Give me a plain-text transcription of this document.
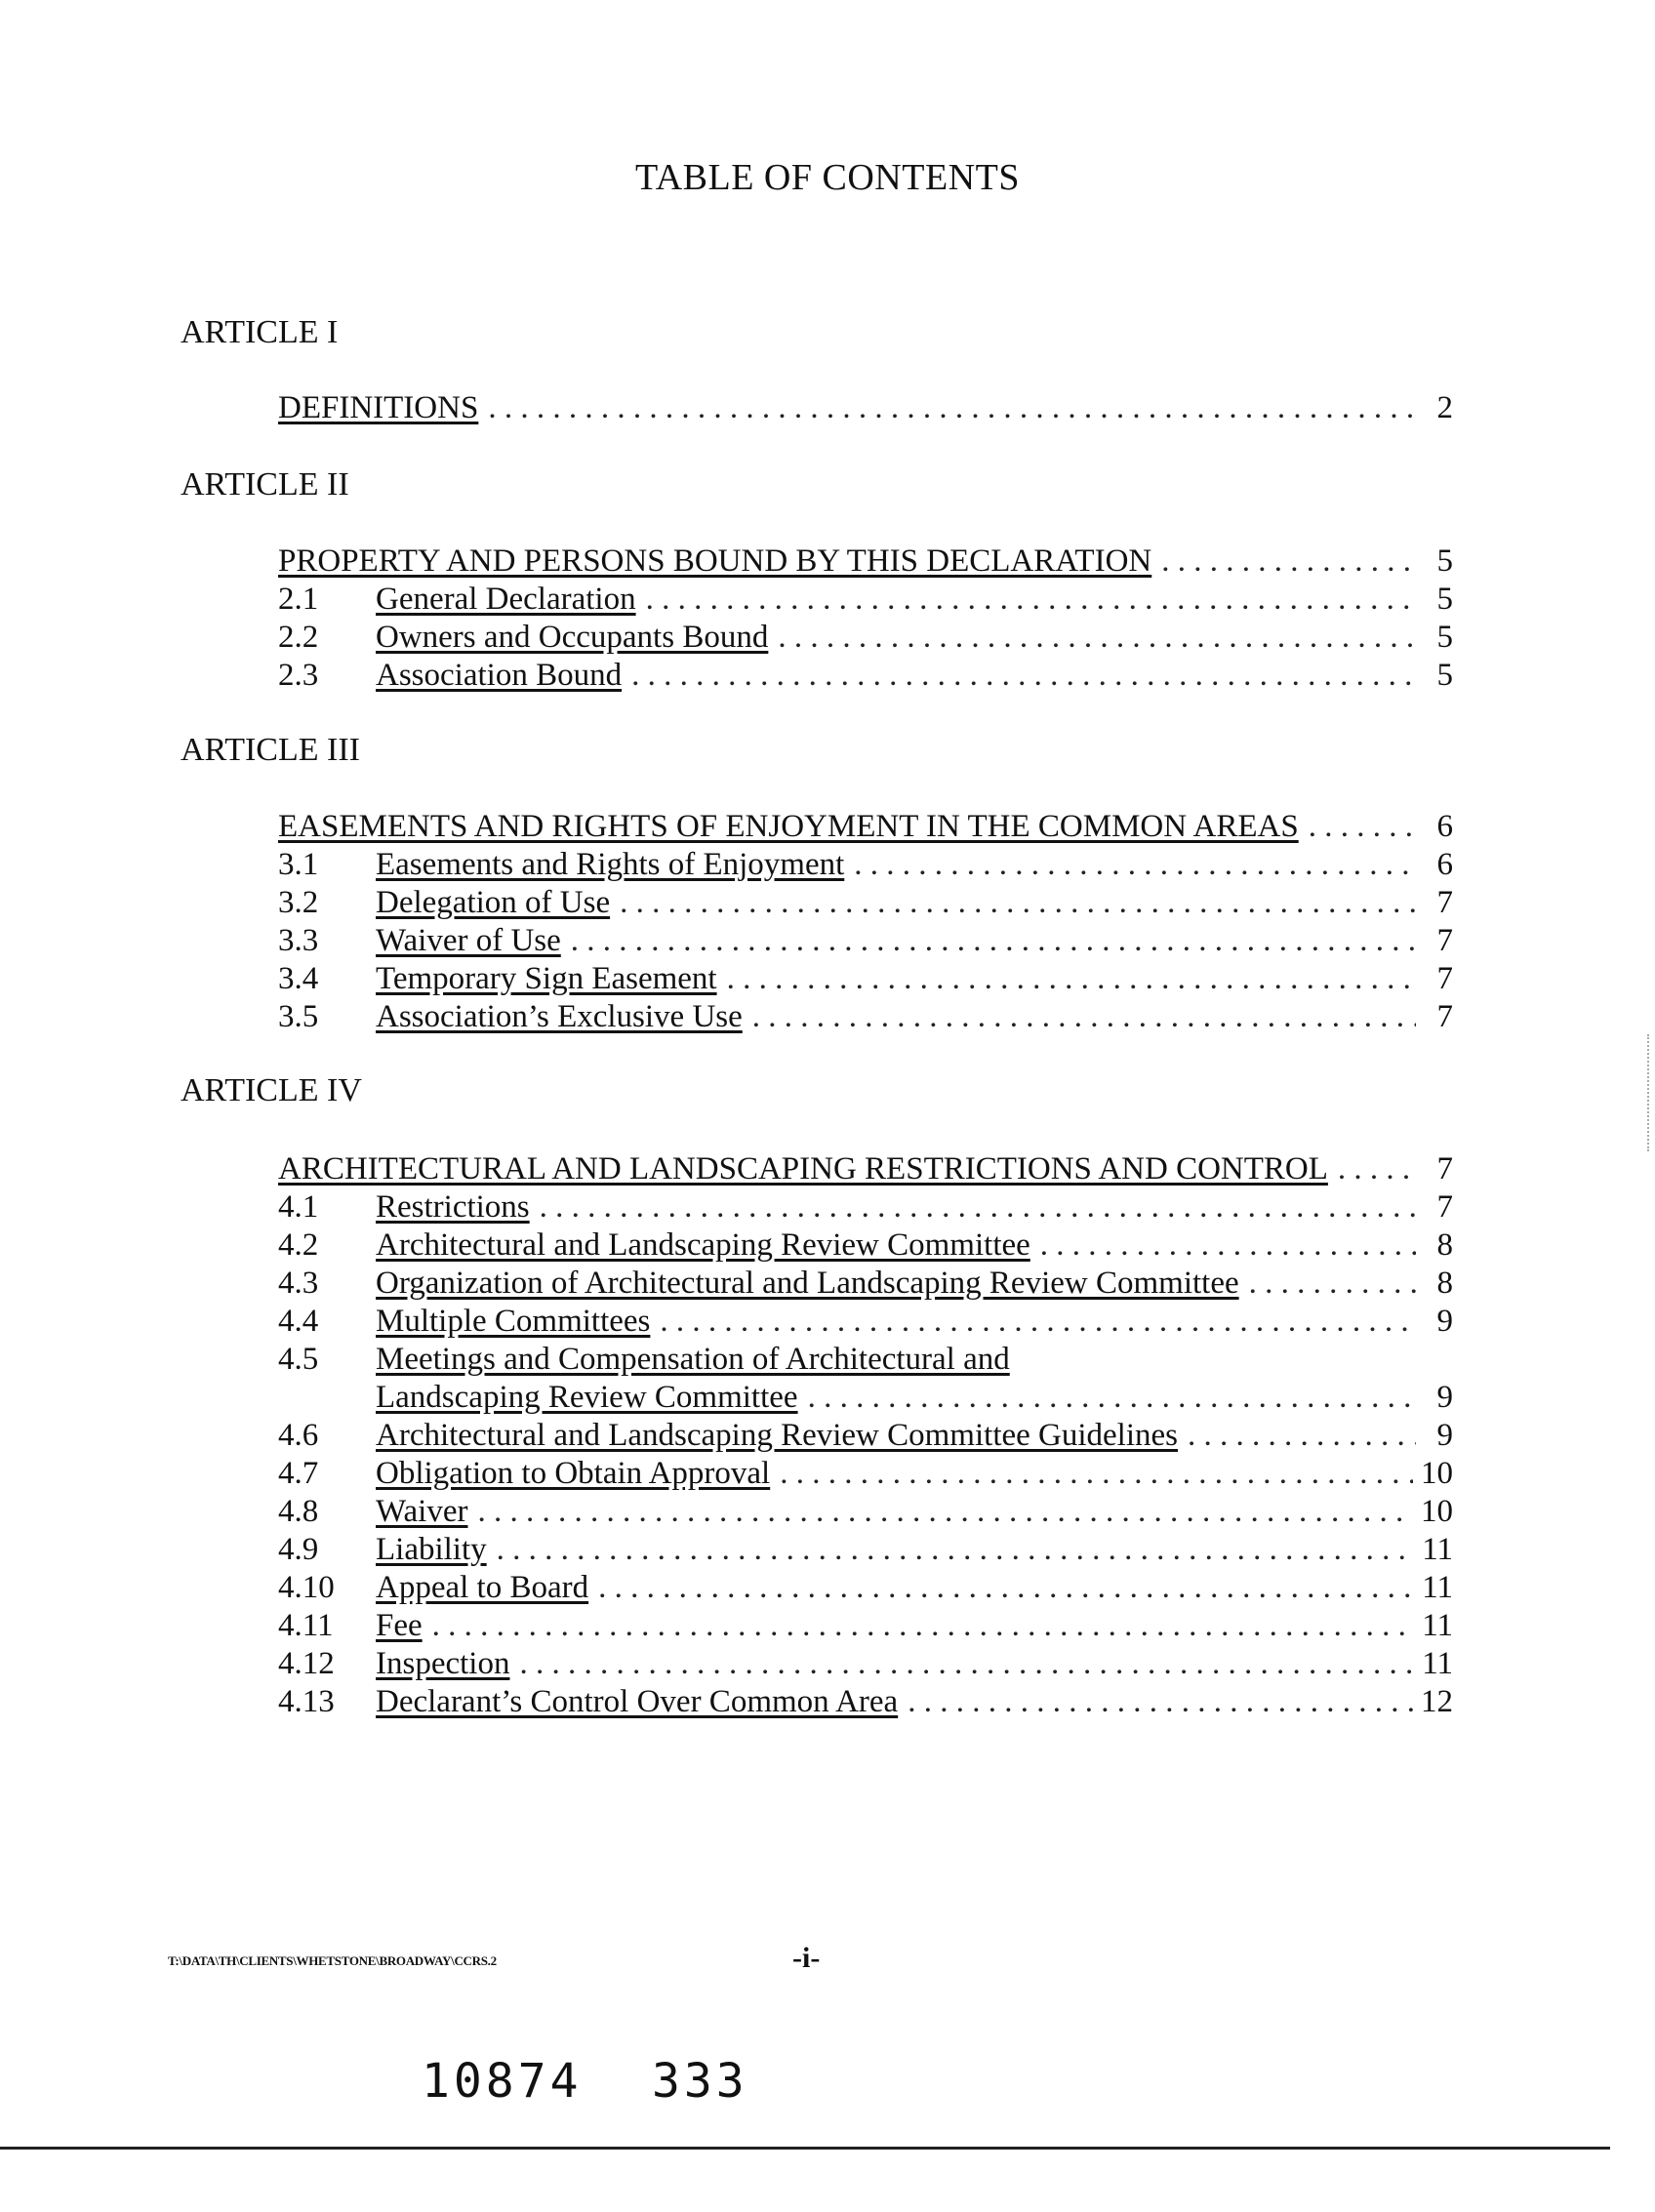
TABLE OF CONTENTS
ARTICLE I
DEFINITIONS . . .	2
ARTICLE II
PROPERTY AND PERSONS BOUND BY THIS DECLARATION . . .	5
2.1	General Declaration . . .	5
2.2	Owners and Occupants Bound . . .	5
2.3	Association Bound . . .	5
ARTICLE III
EASEMENTS AND RIGHTS OF ENJOYMENT IN THE COMMON AREAS . . .	6
3.1	Easements and Rights of Enjoyment . . .	6
3.2	Delegation of Use . . .	7
3.3	Waiver of Use . . .	7
3.4	Temporary Sign Easement . . .	7
3.5	Association’s Exclusive Use . . .	7
ARTICLE IV
ARCHITECTURAL AND LANDSCAPING RESTRICTIONS AND CONTROL . . .	7
4.1	Restrictions . . .	7
4.2	Architectural and Landscaping Review Committee . . .	8
4.3	Organization of Architectural and Landscaping Review Committee . . .	8
4.4	Multiple Committees . . .	9
4.5	Meetings and Compensation of Architectural and
Landscaping Review Committee . . .	9
4.6	Architectural and Landscaping Review Committee Guidelines . . .	9
4.7	Obligation to Obtain Approval . . .	10
4.8	Waiver . . .	10
4.9	Liability . . .	11
4.10	Appeal to Board . . .	11
4.11	Fee . . .	11
4.12	Inspection . . .	11
4.13	Declarant’s Control Over Common Area . . .	12
T:\DATA\TH\CLIENTS\WHETSTONE\BROADWAY\CCRS.2	-i-
10874 333
